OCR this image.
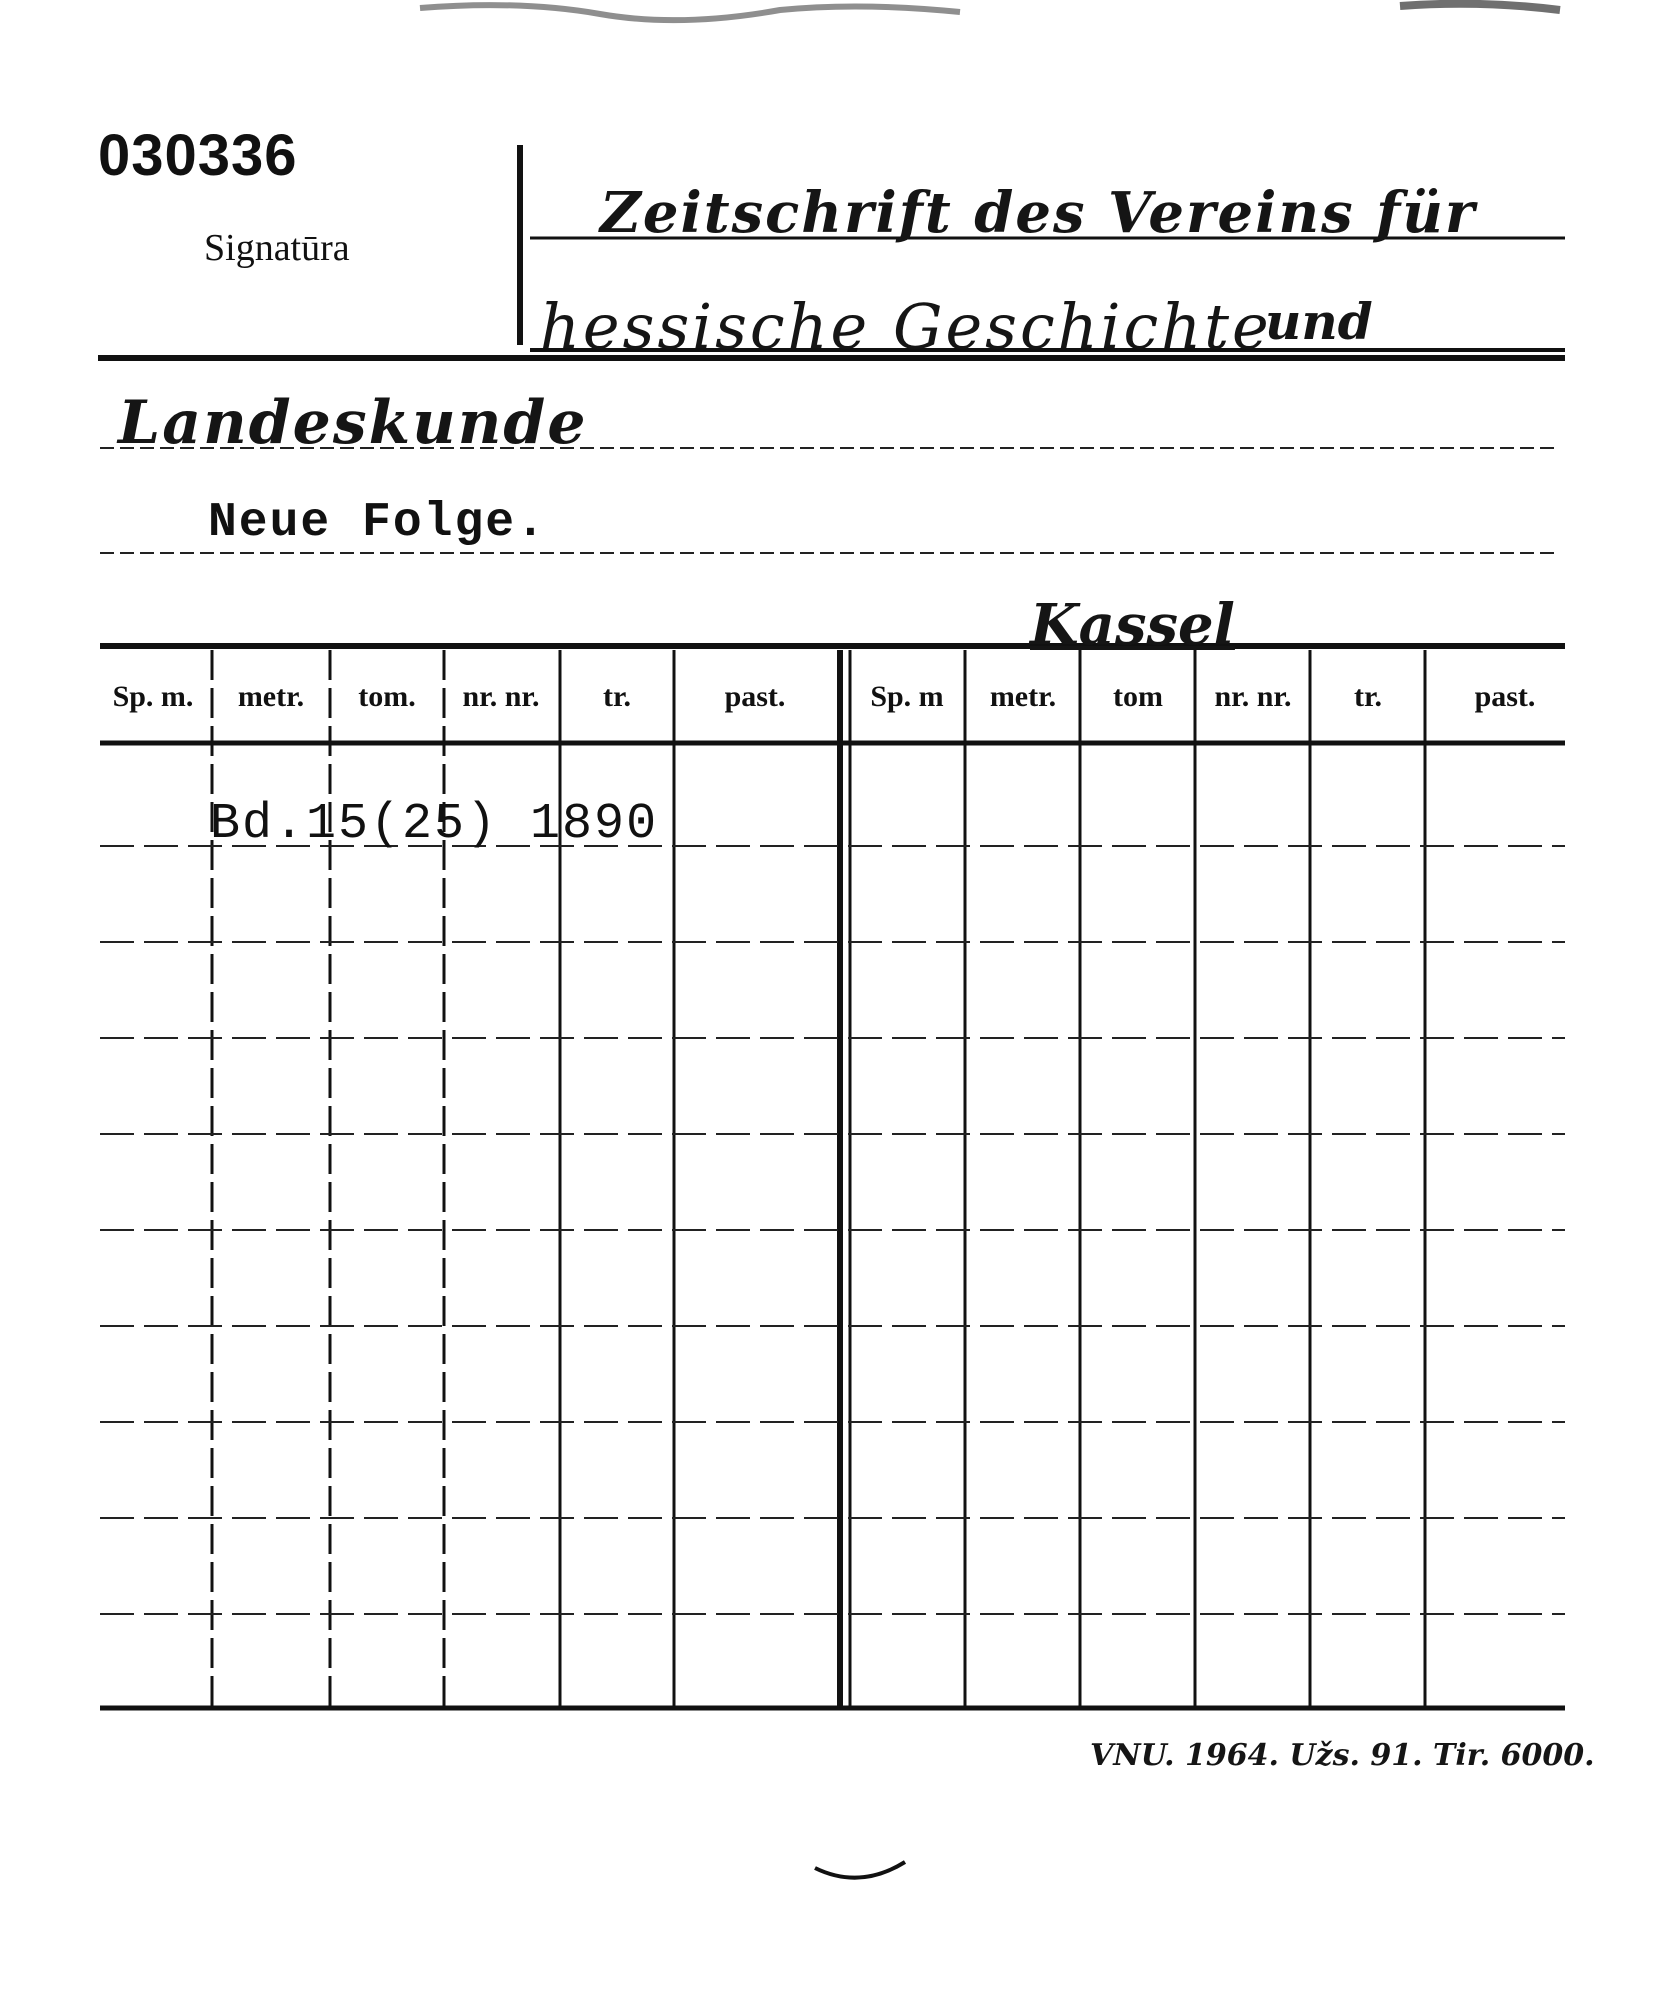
030336
Signatūra
Zeitschrift des Vereins für
hessische Geschichte
und
Landeskunde
Neue Folge.
Kassel
Sp. m.	metr.	tom.	nr. nr.	tr.	past.	Sp. m	metr.	tom	nr. nr.	tr.	past.
Bd.15(25) 1890
VNU. 1964. Užs. 91. Tir. 6000.
